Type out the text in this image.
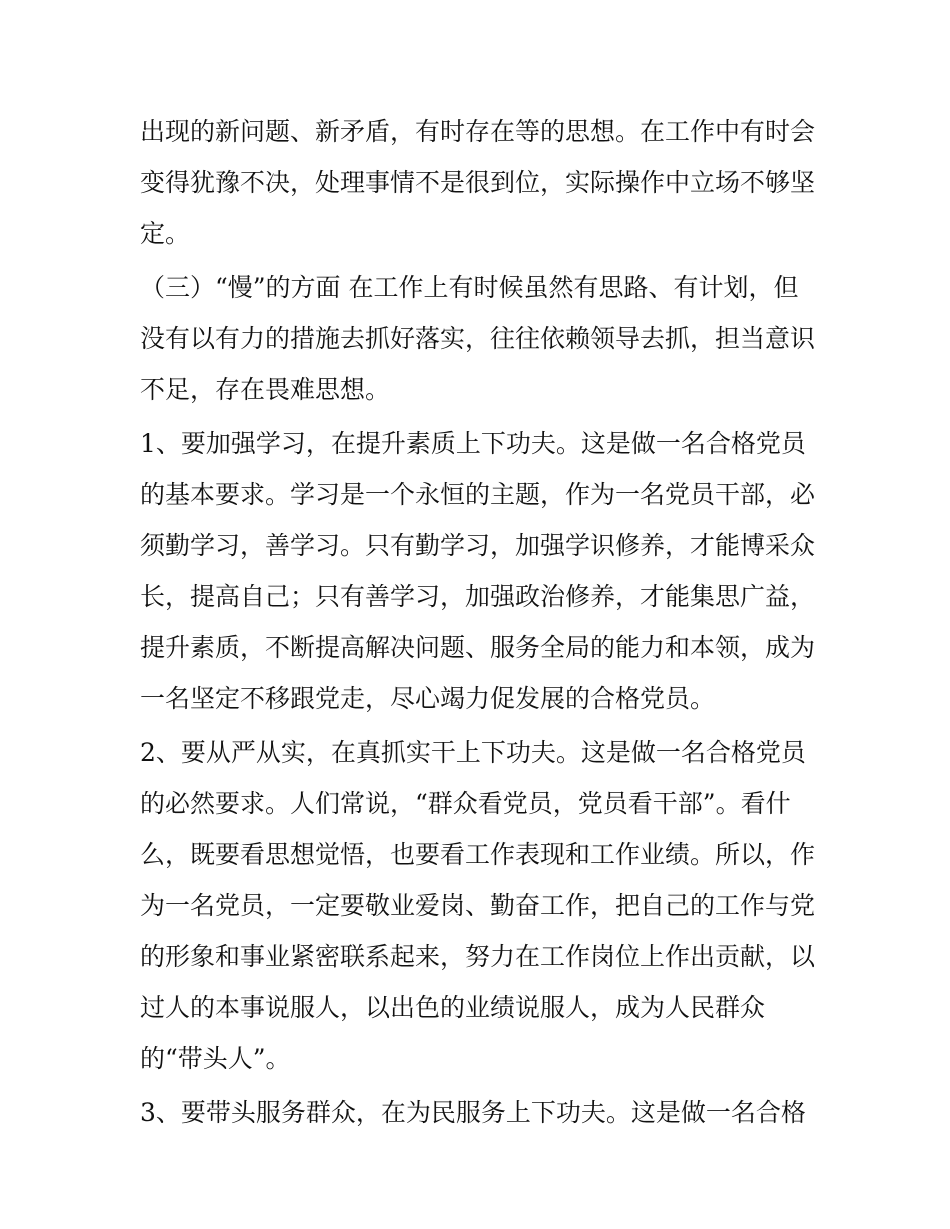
出现的新问题、新矛盾，有时存在等的思想。在工作中有时会
变得犹豫不决，处理事情不是很到位，实际操作中立场不够坚
定。
（三）“慢”的方面 在工作上有时候虽然有思路、有计划，但
没有以有力的措施去抓好落实，往往依赖领导去抓，担当意识
不足，存在畏难思想。
1、要加强学习，在提升素质上下功夫。这是做一名合格党员
的基本要求。学习是一个永恒的主题，作为一名党员干部，必
须勤学习，善学习。只有勤学习，加强学识修养，才能博采众
长，提高自己；只有善学习，加强政治修养，才能集思广益，
提升素质，不断提高解决问题、服务全局的能力和本领，成为
一名坚定不移跟党走，尽心竭力促发展的合格党员。
2、要从严从实，在真抓实干上下功夫。这是做一名合格党员
的必然要求。人们常说，“群众看党员，党员看干部”。看什
么，既要看思想觉悟，也要看工作表现和工作业绩。所以，作
为一名党员，一定要敬业爱岗、勤奋工作，把自己的工作与党
的形象和事业紧密联系起来，努力在工作岗位上作出贡献，以
过人的本事说服人，以出色的业绩说服人，成为人民群众
的“带头人”。
3、要带头服务群众，在为民服务上下功夫。这是做一名合格
